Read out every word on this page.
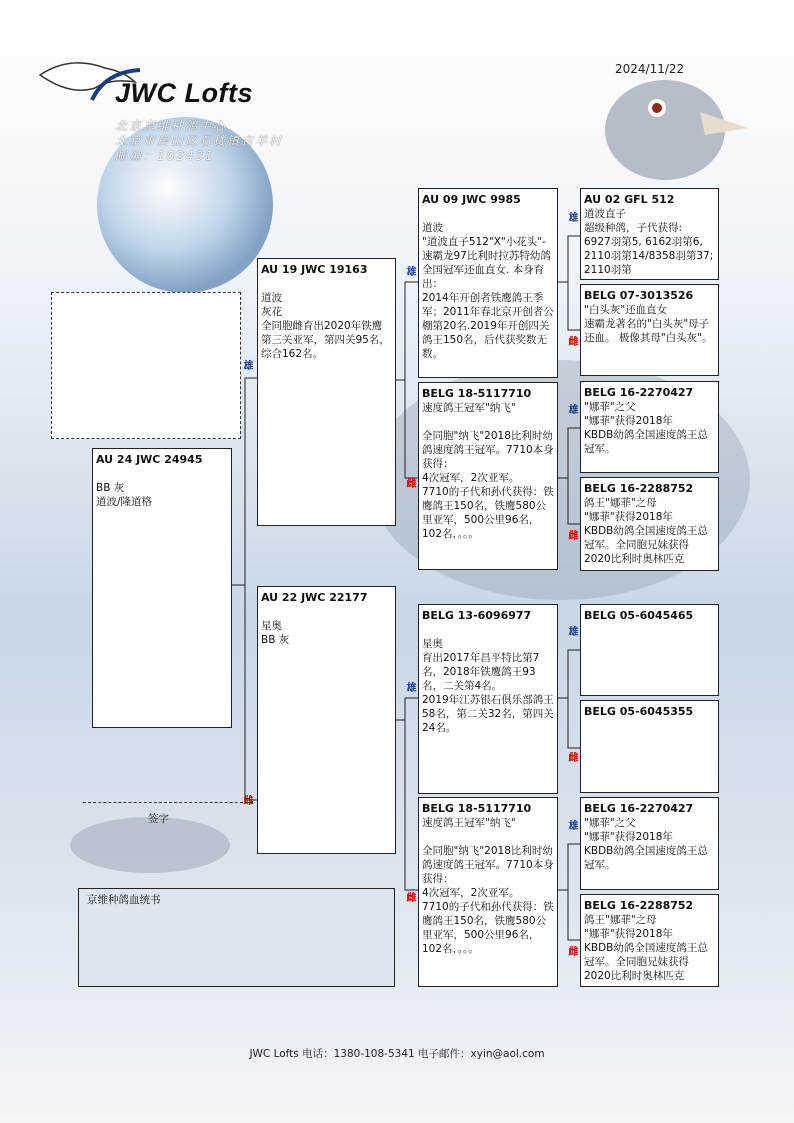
JWC Lofts
北京京维种鸽中心
北京市房山区石楼镇吉羊村
邮编：102431
2024/11/22
AU 24 JWC 24945
BB 灰
道波/隆道格
AU 19 JWC 19163
道波
灰花
全同胞雌育出2020年铁鹰第三关亚军，第四关95名，综合162名。
雄
AU 22 JWC 22177
星奥
BB 灰
雌
AU 09 JWC 9985
道波
"道波直子512"X"小花头"-速霸龙97比利时拉苏特幼鸽全国冠军还血直女. 本身育出：
2014年开创者铁鹰鸽王季军；2011年春北京开创者公棚第20名.2019年开创四关鸽王150名，后代获奖数无数。
雄
BELG 18-5117710
速度鸽王冠军"纳飞"

全同胞"纳飞"2018比利时幼鸽速度鸽王冠军。7710本身获得：
4次冠军，2次亚军。
7710的子代和孙代获得：铁鹰鸽王150名，铁鹰580公里亚军，500公里96名，102名，。。。
雌
BELG 13-6096977
星奥
育出2017年昌平特比第7名，2018年铁鹰鸽王93名，二关第4名。
2019年江苏银石俱乐部鸽王58名，第二关32名，第四关24名。
雄
BELG 18-5117710
速度鸽王冠军"纳飞"

全同胞"纳飞"2018比利时幼鸽速度鸽王冠军。7710本身获得：
4次冠军，2次亚军。
7710的子代和孙代获得：铁鹰鸽王150名，铁鹰580公里亚军，500公里96名，102名，。。。
雌
AU 02 GFL 512
道波直子
超级种鸽，子代获得:
6927羽第5, 6162羽第6, 2110羽第14/8358羽第37; 2110羽第
雄
BELG 07-3013526
"白头灰"还血直女
速霸龙著名的"白头灰"母子还血。 极像其母"白头灰"。
雌
BELG 16-2270427
"娜菲"之父
"娜菲"获得2018年
KBDB幼鸽全国速度鸽王总冠军。
雄
BELG 16-2288752
鸽王"娜菲"之母
"娜菲"获得2018年
KBDB幼鸽全国速度鸽王总冠军。全同胞兄妹获得2020比利时奥林匹克
雌
BELG 05-6045465
雄
BELG 05-6045355
雌
BELG 16-2270427
"娜菲"之父
"娜菲"获得2018年
KBDB幼鸽全国速度鸽王总冠军。
雄
BELG 16-2288752
鸽王"娜菲"之母
"娜菲"获得2018年
KBDB幼鸽全国速度鸽王总冠军。全同胞兄妹获得2020比利时奥林匹克
雌
签字
京维种鸽血统书
JWC Lofts 电话：1380-108-5341 电子邮件：xyin@aol.com
